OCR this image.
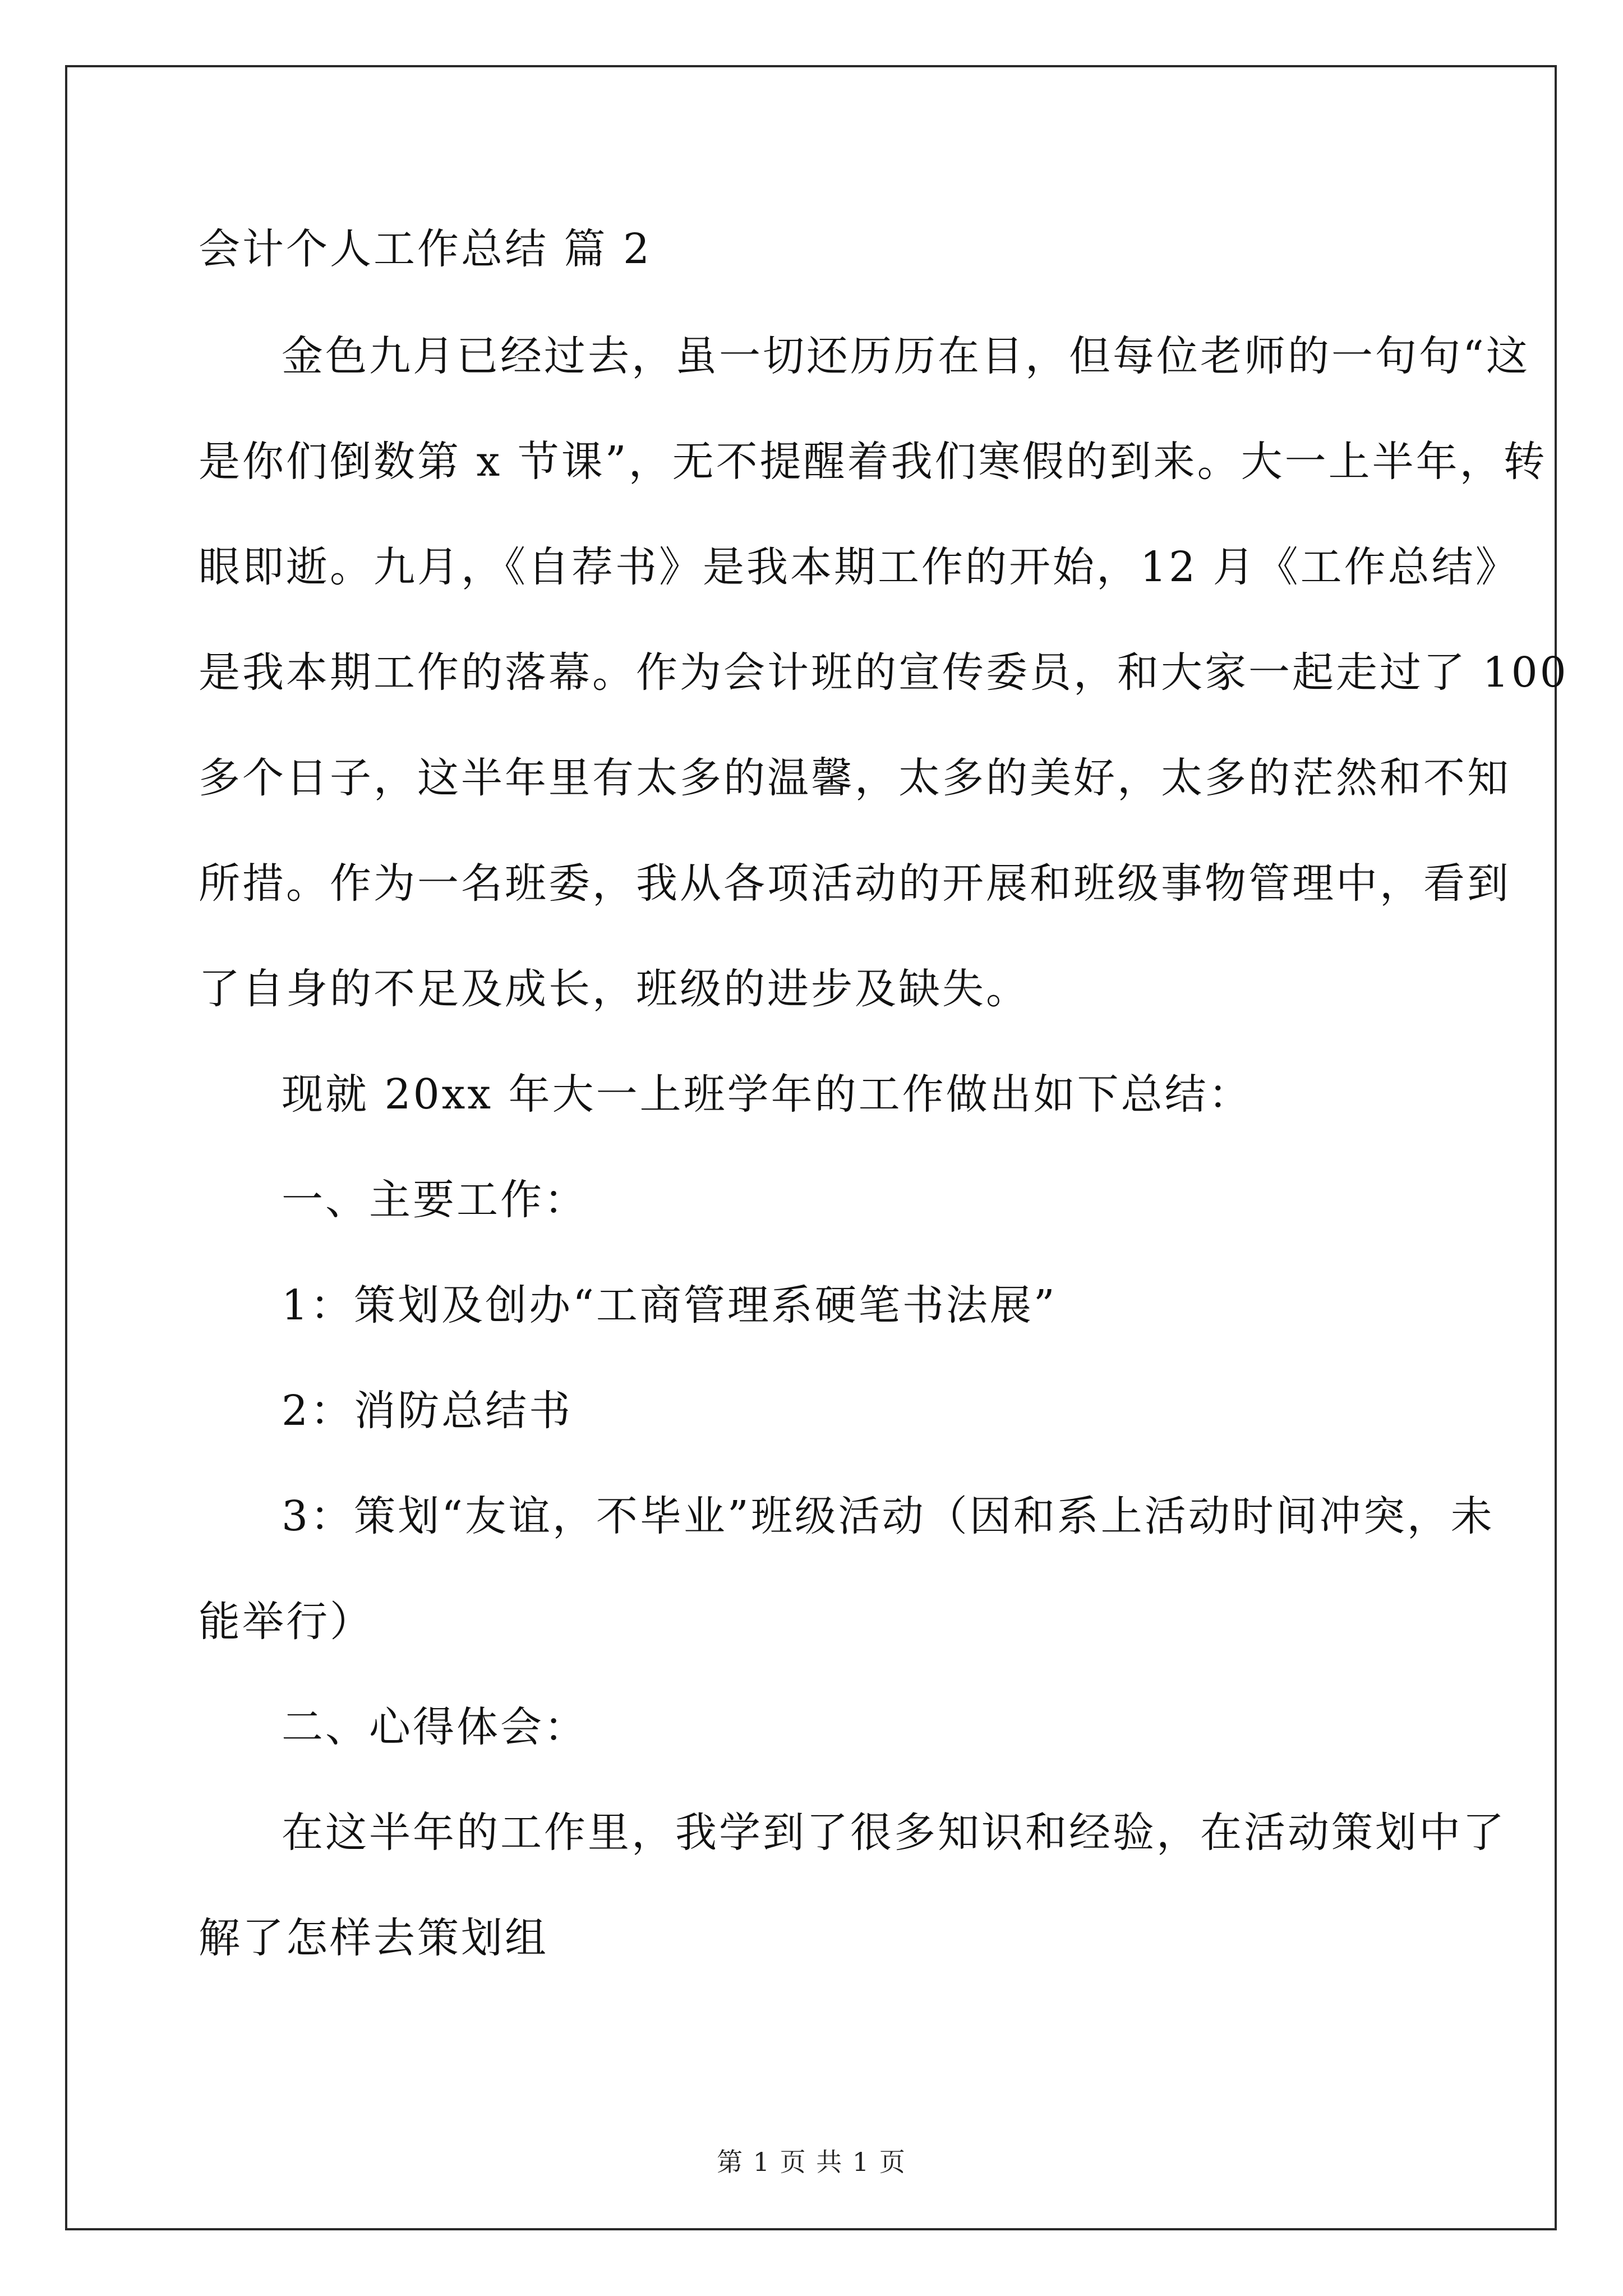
会计个人工作总结 篇 2
金色九月已经过去，虽一切还历历在目，但每位老师的一句句“这
是你们倒数第 x 节课”，无不提醒着我们寒假的到来。大一上半年，转
眼即逝。九月，《自荐书》是我本期工作的开始，12 月《工作总结》
是我本期工作的落幕。作为会计班的宣传委员，和大家一起走过了 100
多个日子，这半年里有太多的温馨，太多的美好，太多的茫然和不知
所措。作为一名班委，我从各项活动的开展和班级事物管理中，看到
了自身的不足及成长，班级的进步及缺失。
现就 20xx 年大一上班学年的工作做出如下总结：
一、主要工作：
1：策划及创办“工商管理系硬笔书法展”
2：消防总结书
3：策划“友谊，不毕业”班级活动（因和系上活动时间冲突，未
能举行）
二、心得体会：
在这半年的工作里，我学到了很多知识和经验，在活动策划中了
解了怎样去策划组
第 1 页 共 1 页
